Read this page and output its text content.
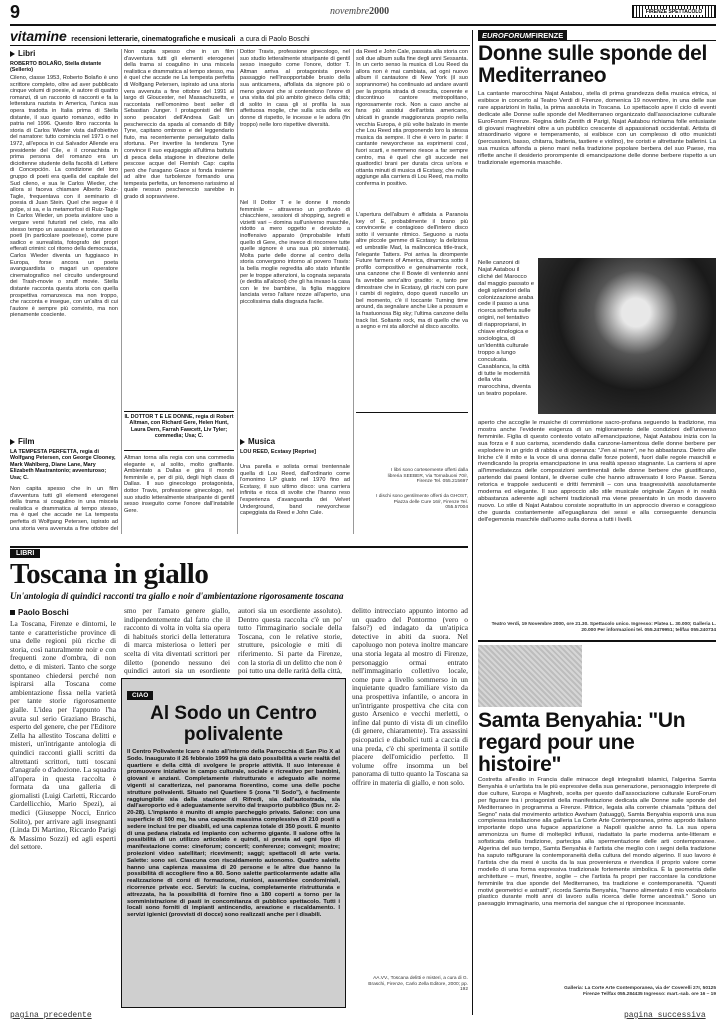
9	novembre2000	FIRENZE SPETTACOLO
vitamine recensioni letterarie, cinematografiche e musicali a cura di Paolo Boschi
Libri
ROBERTO BOLAÑO, Stella distante (Sellerio)
Cileno, classe 1953, Roberto Bolaño è uno scrittore completo, oltre ad aver pubblicato cinque volumi di poesie, è autore di quattro romanzi, di un racconto di racconti e fa la letteratura nazista in America, l'unica sua opera tradotta in Italia prima di Stella distante, il suo quarto romanzo, edito in patria nel 1996. Questo libro racconta la storia di Carlos Wieder vista dall'obiettivo del narratore: tutto comincia nel 1971 o nel 1972, all'epoca in cui Salvador Allende era presidente del Cile, e il cronachista in prima persona del romanzo era un diciottenne studente della facoltà di Lettere di Concepción. La condizione del loro gruppo di poeti era quella del capitale del Sud cileno, e sua le Carlos Wieder, che allora si faceva chiamare Alberto Ruiz-Tagle, frequentava con il seminario di poesia di Juan Stein. Quel che segue è il golpe, si sa, e la metamorfosi di Ruiz-Tagle in Carlos Wieder, un poeta aviatore uso a vergare versi futuristi nel cielo, ma allo stesso tempo un assassino e torturatore di poeti (in particolare poetesse), come pure sadico e surrealista, fotografo dei propri efferati crimini: col ritorno della democrazia, Carlos Wieder diventa un fuggiasco in Europa, forse ancora un poeta avanguardista o magari un operatore cinematografico nel circuito underground dei Trash-movie o snuff movie. Stella distante racconta questa storia con quella prospettiva romanzesca ma non troppo, che racconta e insegue, con un'altra di cui l'autore è sempre più convinto, ma non pienamente cosciente.
Film
LA TEMPESTA PERFETTA, regia di Wolfgang Petersen, con George Clooney, Mark Wahlberg, Diane Lane, Mary Elizabeth Mastrantonio; avventuroso; Usa; C.
Non capita spesso che in un film d'avventura tutti gli elementi eterogenei della trama si coagulino in una miscela realistica e drammatica al tempo stesso, ma è quel che accade ne La tempesta perfetta di Wolfgang Petersen, ispirato ad una storia vera avvenuta a fine ottobre del
Non capita spesso che in un film d'avventura tutti gli elementi eterogenei della trama si coagulino in una miscela realistica e drammatica al tempo stesso, ma è quel che accade ne La tempesta perfetta di Wolfgang Petersen, ispirato ad una storia vera avvenuta a fine ottobre del 1991 al largo di Gloucester, nel Massachusetts, e raccontata nell'omonimo best seller di Sebastian Junger. I protagonisti del film sono pescatori dell'Andrea Gail: un peschereccio da spada al comando di Billy Tyne, capitano ombroso e del leggendario fiuto, ma recentemente perseguitato dalla sfortuna. Per invertire la tendenza Tyne convince il suo equipaggio all'ultima battuta di pesca della stagione in direzione delle pescose acque del Flemish Cap: capita però che l'uragano Grace si fonda insieme ad altre due turbolenze formando una tempesta perfetta, un fenomeno rarissimo al quale nessun peschereccio sarebbe in grado di sopravvivere.
IL DOTTOR T E LE DONNE, regia di Robert Altman, con Richard Gere, Helen Hunt, Laura Dern, Farrah Fawcett, Liv Tyler; commedia; Usa; C.
Altman torna alla regia con una commedia elegante e, al solito, molto graffiante. Ambientato a Dallas e gira il mondo femminile e, per di più, degli high class di Dallas. Il suo ginecologo protagonista, dottor Travis, professione ginecologo, nel suo studio letteralmente straripante di gentil sesso inseguito come l'onore dall'instabile Gere.
Dottor Travis, professione ginecologo, nel suo studio letteralmente straripante di gentil sesso inseguito come l'onore, dottor T. Altman arriva al protagonista previo passaggio nell'insopportabile brusio della sua anticamera, affollata da signore più o meno giovani che si contendono l'onore di una visita dal più ambito gineco della città; di solito in casa gli si profila la sua affettuosa moglie, che sulla scia della ex donne di rispetto, le incesse e le adora (fin troppo) nelle loro rispettive diversità.
Nel Il Dottor T e le donne il mondo femminile – attraverso un profluvio di chiacchiere, sessioni di shopping, segreti e vizietti vari – domina sull'universo maschile, ridotto a mero oggetto e devoluto a inoffensivo apparato (improbabile infatti quello di Gere, che invece di rincorrere tutte quelle signore è una sua più sistemata). Molta parte delle donne al centro della storia convergono intorno al povero Travis: la bella moglie regredita allo stato infantile per le troppe attenzioni, la cognata separata (e dedita all'alcool) che gli ha invaso la casa con le tre bambine, la figlia maggiore lanciata verso l'altare nozze all'aperto, una piccolissima dalla disgrazia facile.
Musica
LOU REED, Ecstasy [Reprise]
Una parella e solista ormai trentennale quella di Lou Reed, dall'ordinario come l'omonimo LP giusto nel 1970 fino ad Ecstasy, il suo ultimo disco: una carriera infinita e ricca di svolte che l'hanno reso l'esperienza d'avanguardia dei Velvet Underground, band newyorchese capeggiata da Reed e John Cale.
da Reed e John Cale, passata alla storia con soli due album sulla fine degli anni Sessanta. In un certo senso la musica di Lou Reed da allora non è mai cambiata, ad ogni nuovo album il cantautore di New York (il suo soprannome) ha continuato ad andare avanti per la propria strada di crescita, coerente e discontinuo cantore metropolitano, rigorosamente rock. Non a caso anche ai fans più assidui dell'artista americano, ubicati in grande maggioranza proprio nella vecchia Europa, è più volte balzato in mente che Lou Reed stia proponendo loro la stessa musica da sempre. Il che è vero in parte: il cantante newyorchese sa esprimersi così, fuori scarti, e nemmeno riesce a far sempre centro, ma è quel che gli succede nei quattordici brani per durata circa un'ora e ottanta minuti di musica di Ecstasy, che nulla aggiunge alla carriera di Lou Reed, ma molto conferma in positivo.
L'apertura dell'album è affidata a Paranoia key of E, probabilmente il brano più convincente e contagioso dell'intero disco sotto il versante ritmico. Seguono a ruota altre piccole gemme di Ecstasy: la deliziosa ed umbratile Mad, la malinconica title-track, l'elegante Tatters. Poi arriva la dirompente Future farmers of America, dinamica sotto il profilo compositivo e genuinamente rock, una canzone che il Bowie di ventennio anni fa avrebbe senz'altro gradito: e, tanto per dimostrare che in Ecstasy, gli rischi con pure i cambi di registro, dopo questi ruscello un bel momento, c'è il toccante Turning time around, da segnalare anche Like a possum e la frastuonosa Big sky; l'ultima canzone della track list. Soltanto rock, ma di quello che va a segno e mi sta allorché al disco ascolto.
I libri sono cortesemente offerti dalla libreria SEEBER, Via Tornabuoni 70/r, Firenze Tel. 055.215697
I dischi sono gentilmente offerti da GHOST, Piazza delle Cure 16/r, Firenze Tel. 055.57004
LIBRI
Toscana in giallo
Un'antologia di quindici racconti tra giallo e noir d'ambientazione rigorosamente toscana
Paolo Boschi
La Toscana, Firenze e dintorni, le tante e caratteristiche province di una delle regioni più ricche di storia, così naturalmente noir e con frequenti zone d'ombra, di non detto, e di misteri. Tanto che sorge spontaneo chiedersi perché non ispirarsi alla Toscana come ambientazione fissa nella varietà per tante storie rigorosamente gialle. L'idea per l'appunto l'ha avuta sul serio Graziano Braschi, esperto del genere, che per l'Editore Zella ha allestito Toscana delitti e misteri, un'intrigante antologia di quindici racconti gialli scritti da altrettanti scrittori, tutti toscani d'anagrafe o d'adozione. La squadra all'opera in questa raccolta è formata da una galleria di giornalisti (Luigi Carletti, Riccardo Cardellicchio, Mario Spezi), ai medici (Giuseppe Nocci, Enrico Solito), per arrivare agli insegnanti (Linda Di Martino, Riccardo Parigi & Massimo Sozzi) ed agli esperti del settore.
smo per l'amato genere giallo, indipendentemente dal fatto che il racconto di volta in volta sia opera di habitués storici della letteratura di marca misteriosa o letteri per scelta di vita diventati scrittori per diletto (ponendo nessuno dei quindici autori sia un esordiente
autori sia un esordiente assoluto). Dentro questa raccolta c'è un po' tutto l'immaginario sociale della Toscana, con le relative storie, strutture, psicologie e miti di riferimento. Si parte da Firenze, con la storia di un delitto che non è poi tutto una delle rarità della città,
delitto intrecciato appunto intorno ad un quadro del Pontormo (vero o falso?) ed indagato da un'atipica detective in abiti da suora. Nel capoluogo non poteva inoltre mancare una storia legata al mostro di Firenze, personaggio ormai entrato nell'immaginario collettivo locale, come pure a livello sommerso in un inquietante quadro familiare visto da una prospettiva infantile, o ancora in un'intrigante prospettiva che cita con gusto Arsenico e vecchi merletti, o infine dal punto di vista di un cinefilo (di genere, chiaramente). Tra assassini psicopatici e diabolici tutti a caccia di una preda, c'è chi sperimenta il sottile piacere dell'omicidio perfetto. Il volume offre insomma un bel panorama di tutto quanto la Toscana sa offrire in materia di giallo, e non solo.
AA.VV., Toscana delitti e misteri, a cura di G. Braschi, Firenze, Carlo Zella Editore, 2000; pp. 192
CIAO
Al Sodo un Centro polivalente
Il Centro Polivalente Icaro è nato all'interno della Parrocchia di San Pio X al Sodo. Inaugurato il 26 febbraio 1999 ha già dato possibilità a varie realtà del quartiere e della città di svolgere le proprie attività. Il suo interesse è promuovere iniziative in campo culturale, sociale e ricreativo per bambini, giovani e anziani. Completamente ristrutturato e adeguato alle norme vigenti si caratterizza, nel panorama fiorentino, come una delle poche strutture polivalenti. Situato nel Quartiere 5 (zona "Il Sodo"), è facilmente raggiungibile sia dalla stazione di Rifredi, sia dall'autostrada, sia dall'aeroporto ed è adeguatamente servito dal trasporto pubblico (Bus nr. 2-20-28). L'impianto è munito di ampio parcheggio privato. Salone: con una superficie di 500 mq, ha una capacità massima complessiva di 210 posti a sedere inclusi tre per disabili, ed una capienza totale di 350 posti. È munito di una pedana rialzata ed impianto con schermo gigante. Il salone offre la possibilità di un utilizzo articolato e quindi, si presta ad ogni tipo di manifestazione come: cineforum; concerti; conferenze; convegni; mostre; proiezioni video satellitari; ricevimenti; saggi; spettacoli di arte varia. Salette: sono sei. Ciascuna con riscaldamento autonomo. Quattro salette hanno una capienza massima di 20 persone e le altre due hanno la possibilità di accogliere fino a 80. Sono salette particolarmente adatte alla realizzazione di corsi di formazione, riunioni, assemblee condominiali, ricorrenze private ecc. Servizi: la cucina, completamente ristrutturata e attrezzata, ha la possibilità di fornire fino a 180 coperti a torno per la somministrazione di pasti in concomitanza di pubblico spettacolo. Tutti i locali sono forniti di impianti antincendio, areazione e riscaldamento. I servizi igienici (provvisti di docce) sono realizzati anche per i disabili.
EUROFORUMFIRENZE
Donne sulle sponde del Mediterraneo
La cantante marocchina Najat Aatabou, stella di prima grandezza della musica etnica, si esibisce in concerto al Teatro Verdi di Firenze, domenica 19 novembre, in una delle sue rare apparizioni in Italia, la prima assoluta in Toscana. Lo spettacolo apre il ciclo di eventi dedicate alle Donne sulle sponde del Mediterraneo organizzato dall'associazione culturale EuroForum Firenze. Regina dello Zenith di Parigi, Najat Aatabou richiama folle entusiaste di giovani maghrebini oltre a un pubblico crescente di appassionati occidentali. Artista di straordinario vigore e temperamento, si esibisce con un complesso di otto musicisti (percussioni, basso, chitarra, batteria, tastiere e violino), tre coristi e altrettante ballerini. La sua musica affonda a pieno mani nella tradizione popolare berbera del suo Paese, ma riflette anche il desiderio prorompente di emancipazione delle donne berbere rispetto a un tradizionale egemonia maschile.
Nelle canzoni di Najat Aatabou il cliché del Marocco dal maggio passato e degli splendori della colonizzazione araba cede il passo a una ricerca sofferta sulle origini, nel tentativo di riappropriarsi, in chiave etnologica e sociologica, di un'identità culturale troppo a lungo conculcata. Casablanca, la città di tutte le modernità della vita marocchina, diventa un teatro popolare.
aperto che accoglie le musiche di commistione sacro-profana seguendo la tradizione, ma mostra anche l'evidente esigenza di un miglioramento delle condizioni dell'universo femminile. Figlia di questo contesto votato all'emancipazione, Najat Aatabou inizia con la sua forza e il suo carisma, scendendo dalla canzone-lamentosa delle donne berbere per esplodere in un grido di rabbia e di speranza: "J'en ai marre", ne ho abbastanza. Dietro alle liriche c'è il mito e la voce di una donna dalle forze potenti, fuori dalle regole maschili e rivendicando la propria emancipazione in una realtà spesso stagnante. La carriera si apre all'immediatezza delle composizioni sentimentali delle donne berbere che giustificano, partendo dai paesi lontani, le diverse culle che hanno attraversato il loro Paese. Senza retorica e trappole seducenti e dritti femminili – con una trasgressività assolutamente moderna ed elegante. Il suo approccio allo stile musicale originale Zayan è in realtà abbastanza aderente agli schemi tradizionali ma viene presentato in un modo davvero nuovo. Lo stile di Najat Aatabou consiste soprattutto in un approccio diverso e coraggioso che guarda costantemente all'eguaglianza dei sessi e alla conseguente denuncia dell'egemonia maschile dall'uomo sulla donna a tutti i livelli.
Teatro Verdi, 19 Novembre 2000, ore 21.30. Spettacolo unico. Ingresso: Platea L. 30.000; Galleria L. 20.000 Per informazioni tel. 055.2479951; tel/fax 055.240734
Samta Benyahia: "Un regard pour une histoire"
Costretta all'esilio in Francia dalle minacce degli integralisti islamici, l'algerina Samta Benyahia è un'artista tra le più espressive della sua generazione, personaggio interprete di due culture, Europa e Maghreb, scelta per questo dall'associazione culturale EuroForum per figurare tra i protagonisti della manifestazione dedicata alle Donne sulle sponde del Mediterraneo in programma a Firenze. Pittrice, legata alla corrente chiamata "pittura del Segno" nata dal movimento artistico Awsham (tatuaggi), Samta Benyahia esporrà una sua complessa installazione alla galleria La Corte Arte Contemporanea, primo approdo italiano importante dopo una fugace apparizione a Napoli qualche anno fa. La sua opera ammonizza un fiume di molteplici influssi, riadattato la parte moderna ante-litteram e sofisticata della tradizione, partecipa alla spermentazione delle arti contemporanee. Algerina del suo tempo, Samta Benyahia è l'artista che meglio con i segni della tradizione ha saputo raffigurare la contemporaneità della cultura del mondo algerino. Il suo lavoro è l'artista che da mesi è uscita da la sua provenienza e rivendica il proprio valore come modello di una forma espressiva tradizionale fortemente simbolica. È la geometria delle architetture – muri, finestre, soglie – che l'artista fa propri per raccontare la condizione femminile tra due sponde del Mediterraneo, tra tradizione e contemporaneità. "Questi motivi geometrici e astratti", ricorda Samta Benyahia, "hanno alimentato il mio vocabolario plastico durante molti anni di lavoro sulla ricerca delle forme ancestrali." Sono un paesaggio immaginario, una memoria del sangue che si riproponee incessante.
Galleria: La Corte Arte Contemporanea, via de' Coverelli 27r, 50125 Firenze Tel/fax 055.284435 Ingresso: mart.-sab. ore 16 – 19
pagina precedente	pagina successiva
